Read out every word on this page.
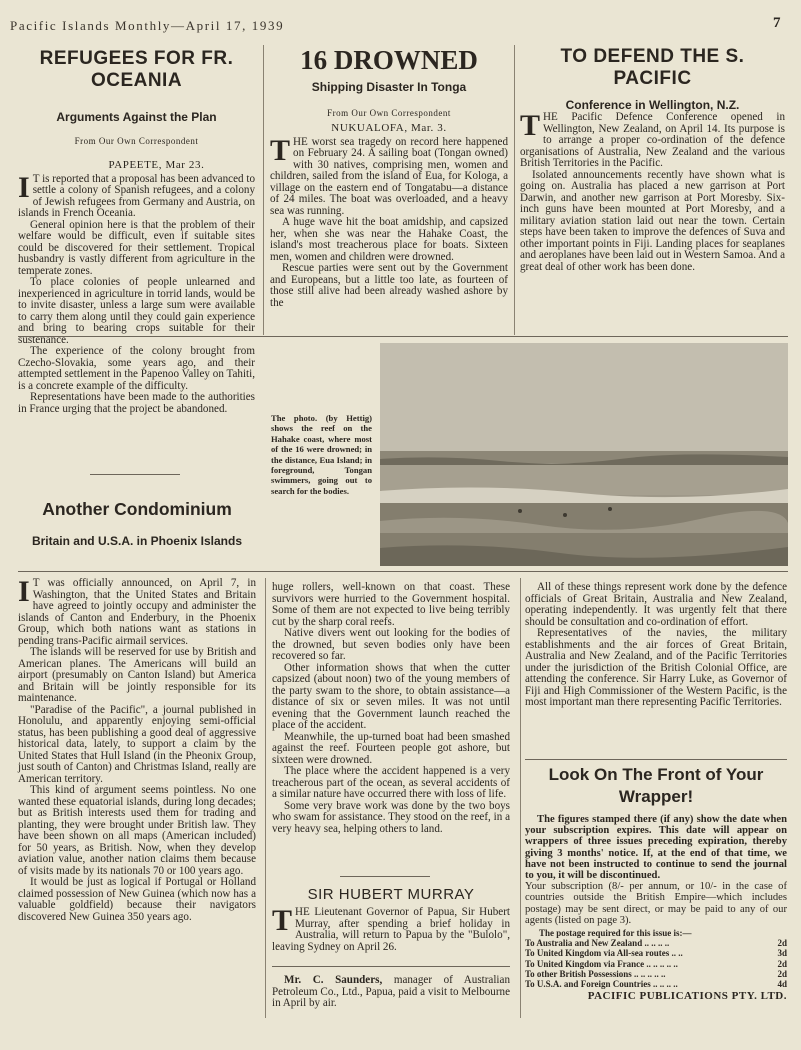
Pacific Islands Monthly—April 17, 1939	7
REFUGEES FOR FR. OCEANIA
Arguments Against the Plan
From Our Own Correspondent
PAPEETE, Mar 23.

I T is reported that a proposal has been advanced to settle a colony of Spanish refugees, and a colony of Jewish refugees from Germany and Austria, on islands in French Oceania.

General opinion here is that the problem of their welfare would be difficult, even if suitable sites could be discovered for their settlement. Tropical husbandry is vastly different from agriculture in the temperate zones.

To place colonies of people unlearned and inexperienced in agriculture in torrid lands, would be to invite disaster, unless a large sum were available to carry them along until they could gain experience and bring to bearing crops suitable for their sustenance.

The experience of the colony brought from Czecho-Slovakia, some years ago, and their attempted settlement in the Papenoo Valley on Tahiti, is a concrete example of the difficulty.

Representations have been made to the authorities in France urging that the project be abandoned.

16 DROWNED
Shipping Disaster In Tonga
From Our Own Correspondent
NUKUALOFA, Mar. 3.

THE worst sea tragedy on record here happened on February 24. A sailing boat (Tongan owned) with 30 natives, comprising men, women and children, sailed from the island of Eua, for Kologa, a village on the eastern end of Tongatabu—a distance of 24 miles. The boat was overloaded, and a heavy sea was running.

A huge wave hit the boat amidship, and capsized her, when she was near the Hahake Coast, the island's most treacherous place for boats. Sixteen men, women and children were drowned.

Rescue parties were sent out by the Government and Europeans, but a little too late, as fourteen of those still alive had been already washed ashore by the

TO DEFEND THE S. PACIFIC
Conference in Wellington, N.Z.

THE Pacific Defence Conference opened in Wellington, New Zealand, on April 14. Its purpose is to arrange a proper co-ordination of the defence organisations of Australia, New Zealand and the various British Territories in the Pacific.

Isolated announcements recently have shown what is going on. Australia has placed a new garrison at Port Darwin, and another new garrison at Port Moresby. Six-inch guns have been mounted at Port Moresby, and a military aviation station laid out near the town. Certain steps have been taken to improve the defences of Suva and other important points in Fiji. Landing places for seaplanes and aeroplanes have been laid out in Western Samoa. And a great deal of other work has been done.

The photo. (by Hettig) shows the reef on the Hahake coast, where most of the 16 were drowned; in the distance, Eua Island; in foreground, Tongan swimmers, going out to search for the bodies.
Another Condominium
Britain and U.S.A. in Phoenix Islands

I T was officially announced, on April 7, in Washington, that the United States and Britain have agreed to jointly occupy and administer the islands of Canton and Enderbury, in the Phoenix Group, which both nations want as stations in pending trans-Pacific airmail services.

The islands will be reserved for use by British and American planes. The Americans will build an airport (presumably on Canton Island) but America and Britain will be jointly responsible for its maintenance.

"Paradise of the Pacific", a journal published in Honolulu, and apparently enjoying semi-official status, has been publishing a good deal of aggressive historical data, lately, to support a claim by the United States that Hull Island (in the Pheonix Group, just south of Canton) and Christmas Island, really are American territory.

This kind of argument seems pointless. No one wanted these equatorial islands, during long decades; but as British interests used them for trading and planting, they were brought under British law. They have been shown on all maps (American included) for 50 years, as British. Now, when they develop aviation value, another nation claims them because of visits made by its nationals 70 or 100 years ago.

It would be just as logical if Portugal or Holland claimed possession of New Guinea (which now has a valuable goldfield) because their navigators discovered New Guinea 350 years ago.

huge rollers, well-known on that coast. These survivors were hurried to the Government hospital. Some of them are not expected to live being terribly cut by the sharp coral reefs.

Native divers went out looking for the bodies of the drowned, but seven bodies only have been recovered so far.

Other information shows that when the cutter capsized (about noon) two of the young members of the party swam to the shore, to obtain assistance—a distance of six or seven miles. It was not until evening that the Government launch reached the place of the accident.

Meanwhile, the up-turned boat had been smashed against the reef. Fourteen people got ashore, but sixteen were drowned.

The place where the accident happened is a very treacherous part of the ocean, as several accidents of a similar nature have occurred there with loss of life.

Some very brave work was done by the two boys who swam for assistance. They stood on the reef, in a very heavy sea, helping others to land.

SIR HUBERT MURRAY

THE Lieutenant Governor of Papua, Sir Hubert Murray, after spending a brief holiday in Australia, will return to Papua by the "Bulolo", leaving Sydney on April 26.

Mr. C. Saunders, manager of Australian Petroleum Co., Ltd., Papua, paid a visit to Melbourne in April by air.

All of these things represent work done by the defence officials of Great Britain, Australia and New Zealand, operating independently. It was urgently felt that there should be consultation and co-ordination of effort.

Representatives of the navies, the military establishments and the air forces of Great Britain, Australia and New Zealand, and of the Pacific Territories under the jurisdiction of the British Colonial Office, are attending the conference. Sir Harry Luke, as Governor of Fiji and High Commissioner of the Western Pacific, is the most important man there representing Pacific Territories.

Look On The Front of Your Wrapper!

The figures stamped there (if any) show the date when your subscription expires. This date will appear on wrappers of three issues preceding expiration, thereby giving 3 months' notice. If, at the end of that time, we have not been instructed to continue to send the journal to you, it will be discontinued.

Your subscription (8/- per annum, or 10/- in the case of countries outside the British Empire—which includes postage) may be sent direct, or may be paid to any of our agents (listed on page 3).

The postage required for this issue is:—
To Australia and New Zealand .. .. .. ..	2d
To United Kingdom via All-sea routes .. ..	3d
To United Kingdom via France .. .. .. .. ..	2d
To other British Possessions .. .. .. .. ..	2d
To U.S.A. and Foreign Countries .. .. .. ..	4d
PACIFIC PUBLICATIONS PTY. LTD.
